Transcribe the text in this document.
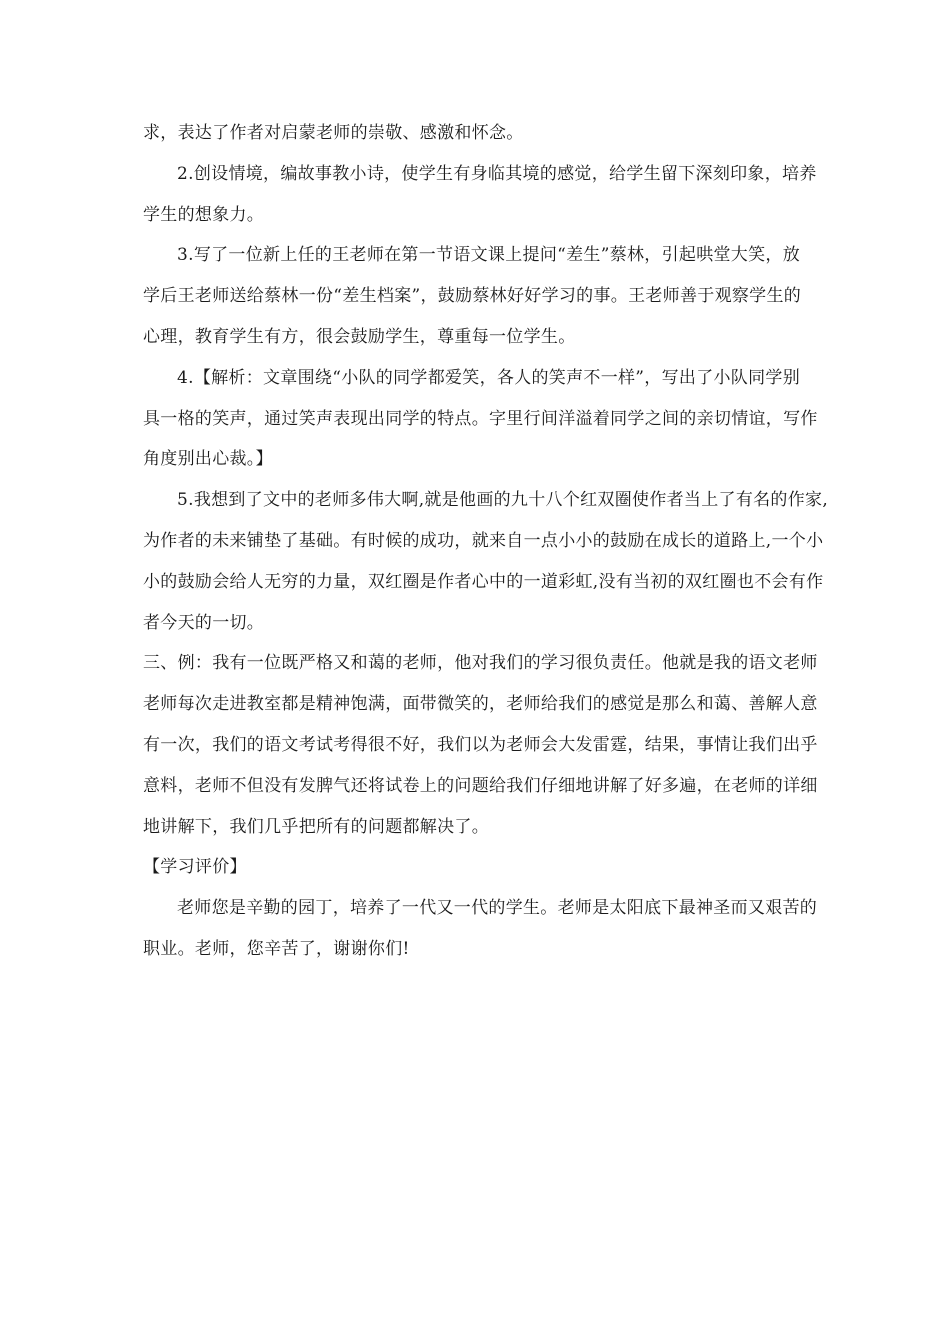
求，表达了作者对启蒙老师的崇敬、感激和怀念。
2.创设情境，编故事教小诗，使学生有身临其境的感觉，给学生留下深刻印象，培养
学生的想象力。
3.写了一位新上任的王老师在第一节语文课上提问“差生”蔡林，引起哄堂大笑，放
学后王老师送给蔡林一份“差生档案”，鼓励蔡林好好学习的事。王老师善于观察学生的
心理，教育学生有方，很会鼓励学生，尊重每一位学生。
4.【解析：文章围绕“小队的同学都爱笑，各人的笑声不一样”，写出了小队同学别
具一格的笑声，通过笑声表现出同学的特点。字里行间洋溢着同学之间的亲切情谊，写作
角度别出心裁。】
5.我想到了文中的老师多伟大啊,就是他画的九十八个红双圈使作者当上了有名的作家,
为作者的未来铺垫了基础。有时候的成功，就来自一点小小的鼓励在成长的道路上,一个小
小的鼓励会给人无穷的力量，双红圈是作者心中的一道彩虹,没有当初的双红圈也不会有作
者今天的一切。
三、例：我有一位既严格又和蔼的老师，他对我们的学习很负责任。他就是我的语文老师
老师每次走进教室都是精神饱满，面带微笑的，老师给我们的感觉是那么和蔼、善解人意
有一次，我们的语文考试考得很不好，我们以为老师会大发雷霆，结果，事情让我们出乎
意料，老师不但没有发脾气还将试卷上的问题给我们仔细地讲解了好多遍，在老师的详细
地讲解下，我们几乎把所有的问题都解决了。
【学习评价】
老师您是辛勤的园丁，培养了一代又一代的学生。老师是太阳底下最神圣而又艰苦的
职业。老师，您辛苦了，谢谢你们!
